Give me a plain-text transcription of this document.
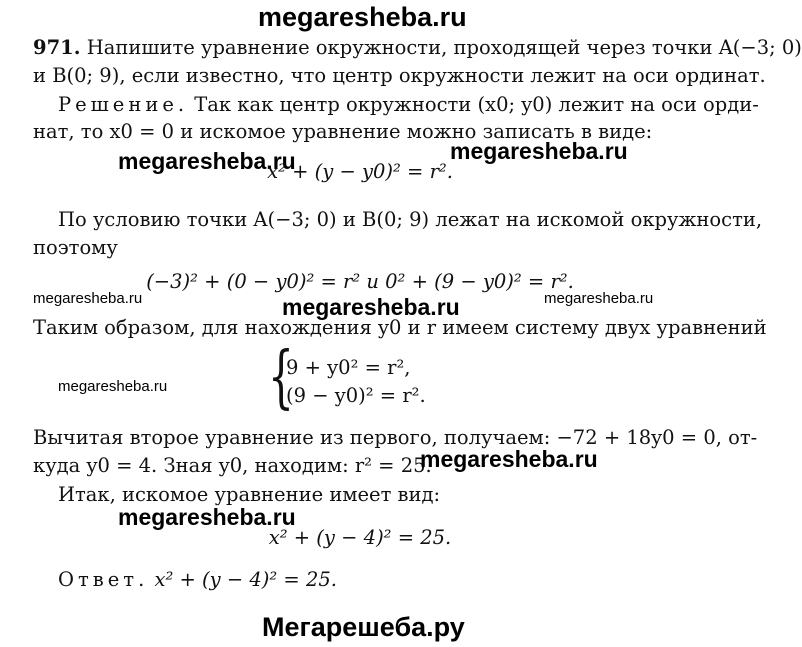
megaresheba.ru
971. Напишите уравнение окружности, проходящей через точки A(−3; 0)
и B(0; 9), если известно, что центр окружности лежит на оси ординат.
Решение. Так как центр окружности (x0; y0) лежит на оси орди-
нат, то x0 = 0 и искомое уравнение можно записать в виде:
megaresheba.ru	megaresheba.ru
x² + (y − y0)² = r².
По условию точки A(−3; 0) и B(0; 9) лежат на искомой окружности,
поэтому
(−3)² + (0 − y0)² = r² и 0² + (9 − y0)² = r².
megaresheba.ru	megaresheba.ru	megaresheba.ru
Таким образом, для нахождения y0 и r имеем систему двух уравнений
megaresheba.ru {
9 + y0² = r²,
(9 − y0)² = r².
Вычитая второе уравнение из первого, получаем: −72 + 18y0 = 0, от-
куда y0 = 4. Зная y0, находим: r² = 25.
megaresheba.ru
Итак, искомое уравнение имеет вид:
megaresheba.ru
x² + (y − 4)² = 25.
Ответ. x² + (y − 4)² = 25.
Мегарешеба.ру
